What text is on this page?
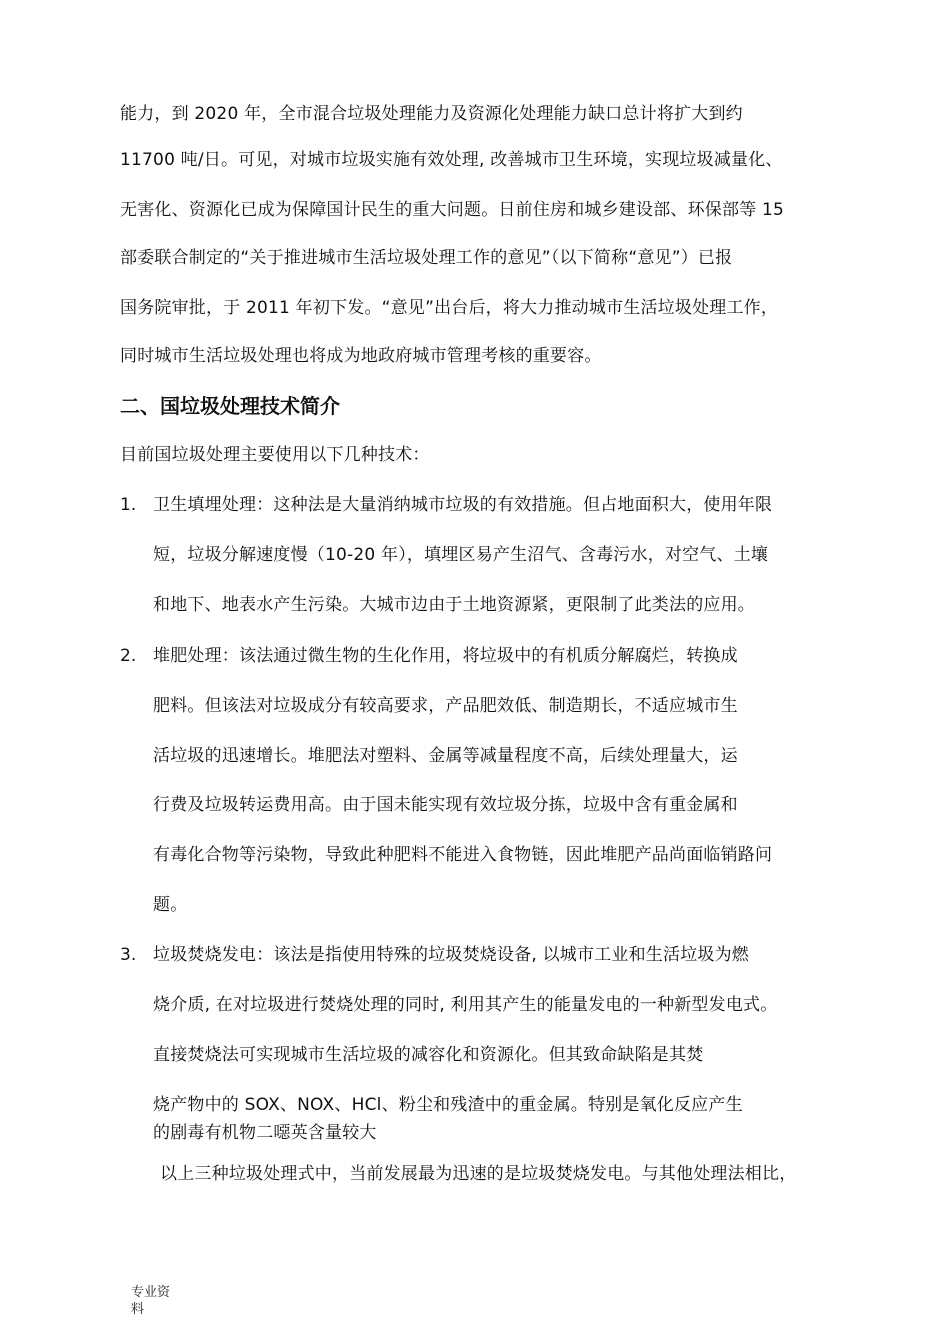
能力，到 2020 年，全市混合垃圾处理能力及资源化处理能力缺口总计将扩大到约
11700 吨/日。可见，对城市垃圾实施有效处理, 改善城市卫生环境，实现垃圾减量化、
无害化、资源化已成为保障国计民生的重大问题。日前住房和城乡建设部、环保部等 15
部委联合制定的“关于推进城市生活垃圾处理工作的意见”（以下简称“意见”）已报
国务院审批，于 2011 年初下发。“意见”出台后，将大力推动城市生活垃圾处理工作，
同时城市生活垃圾处理也将成为地政府城市管理考核的重要容。
二、国垃圾处理技术简介
目前国垃圾处理主要使用以下几种技术：
1. 卫生填埋处理：这种法是大量消纳城市垃圾的有效措施。但占地面积大，使用年限
短，垃圾分解速度慢（10-20 年），填埋区易产生沼气、含毒污水，对空气、土壤
和地下、地表水产生污染。大城市边由于土地资源紧，更限制了此类法的应用。
2. 堆肥处理：该法通过微生物的生化作用，将垃圾中的有机质分解腐烂，转换成
肥料。但该法对垃圾成分有较高要求，产品肥效低、制造期长，不适应城市生
活垃圾的迅速增长。堆肥法对塑料、金属等减量程度不高，后续处理量大，运
行费及垃圾转运费用高。由于国未能实现有效垃圾分拣，垃圾中含有重金属和
有毒化合物等污染物，导致此种肥料不能进入食物链，因此堆肥产品尚面临销路问
题。
3. 垃圾焚烧发电：该法是指使用特殊的垃圾焚烧设备, 以城市工业和生活垃圾为燃
烧介质, 在对垃圾进行焚烧处理的同时, 利用其产生的能量发电的一种新型发电式。
直接焚烧法可实现城市生活垃圾的减容化和资源化。但其致命缺陷是其焚
烧产物中的 SOX、NOX、HCl、粉尘和残渣中的重金属。特别是氧化反应产生
的剧毒有机物二噁英含量较大
以上三种垃圾处理式中，当前发展最为迅速的是垃圾焚烧发电。与其他处理法相比，
专业资
料
